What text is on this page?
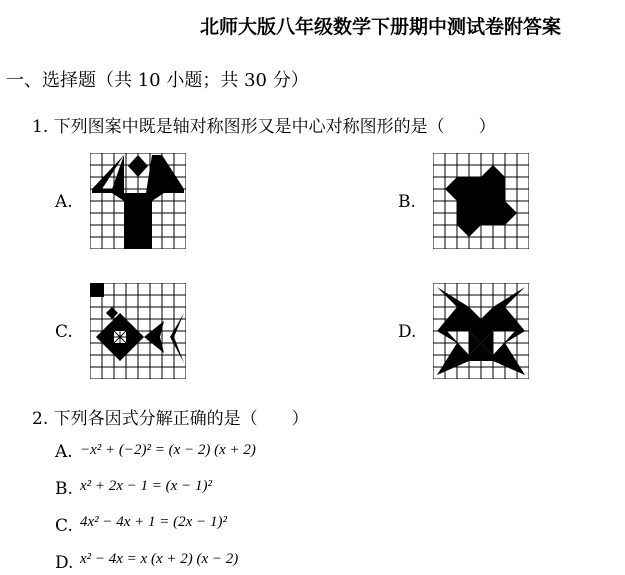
北师大版八年级数学下册期中测试卷附答案
一、选择题（共 10 小题；共 30 分）
1. 下列图案中既是轴对称图形又是中心对称图形的是（　　）
A.	B.
C.	D.
2. 下列各因式分解正确的是（　　）
A. −x² + (−2)² = (x − 2) (x + 2)
B. x² + 2x − 1 = (x − 1)²
C. 4x² − 4x + 1 = (2x − 1)²
D. x² − 4x = x (x + 2) (x − 2)
